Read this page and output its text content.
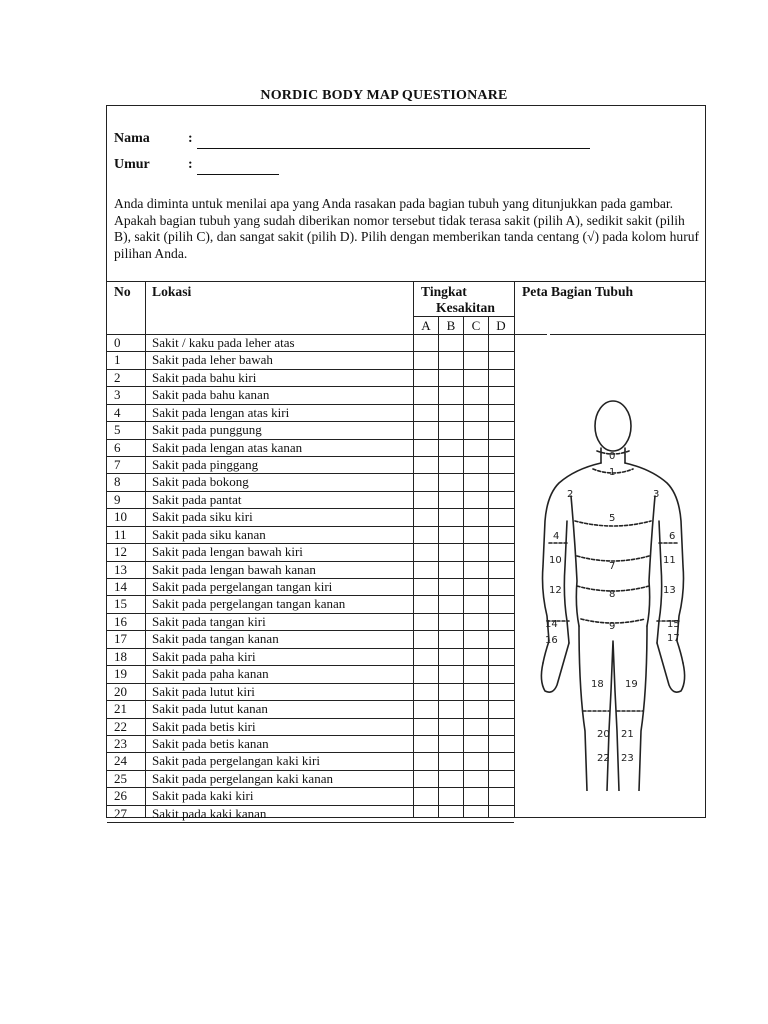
NORDIC BODY MAP QUESTIONARE
Nama	:
Umur	:
Anda diminta untuk menilai apa yang Anda rasakan pada bagian tubuh yang ditunjukkan pada gambar. Apakah bagian tubuh yang sudah diberikan nomor tersebut tidak terasa sakit (pilih A), sedikit sakit (pilih B), sakit (pilih C), dan sangat sakit (pilih D). Pilih dengan memberikan tanda centang (√) pada kolom huruf pilihan Anda.
No Lokasi	Tingkat
Kesakitan
Peta Bagian Tubuh
A	B	C	D
0 Sakit / kaku pada leher atas
1 Sakit pada leher bawah
2 Sakit pada bahu kiri
3 Sakit pada bahu kanan
4 Sakit pada lengan atas kiri
5 Sakit pada punggung
6 Sakit pada lengan atas kanan
7 Sakit pada pinggang
8 Sakit pada bokong
9 Sakit pada pantat
10 Sakit pada siku kiri
11 Sakit pada siku kanan
12 Sakit pada lengan bawah kiri
13 Sakit pada lengan bawah kanan
14 Sakit pada pergelangan tangan kiri
15 Sakit pada pergelangan tangan kanan
16 Sakit pada tangan kiri
17 Sakit pada tangan kanan
18 Sakit pada paha kiri
19 Sakit pada paha kanan
20 Sakit pada lutut kiri
21 Sakit pada lutut kanan
22 Sakit pada betis kiri
23 Sakit pada betis kanan
24 Sakit pada pergelangan kaki kiri
25 Sakit pada pergelangan kaki kanan
26 Sakit pada kaki kiri
27 Sakit pada kaki kanan
0
1
2	3
4
5
6
7
8
9
10	11
12	13
14	15
16	17
18 19
20 21
22 23
